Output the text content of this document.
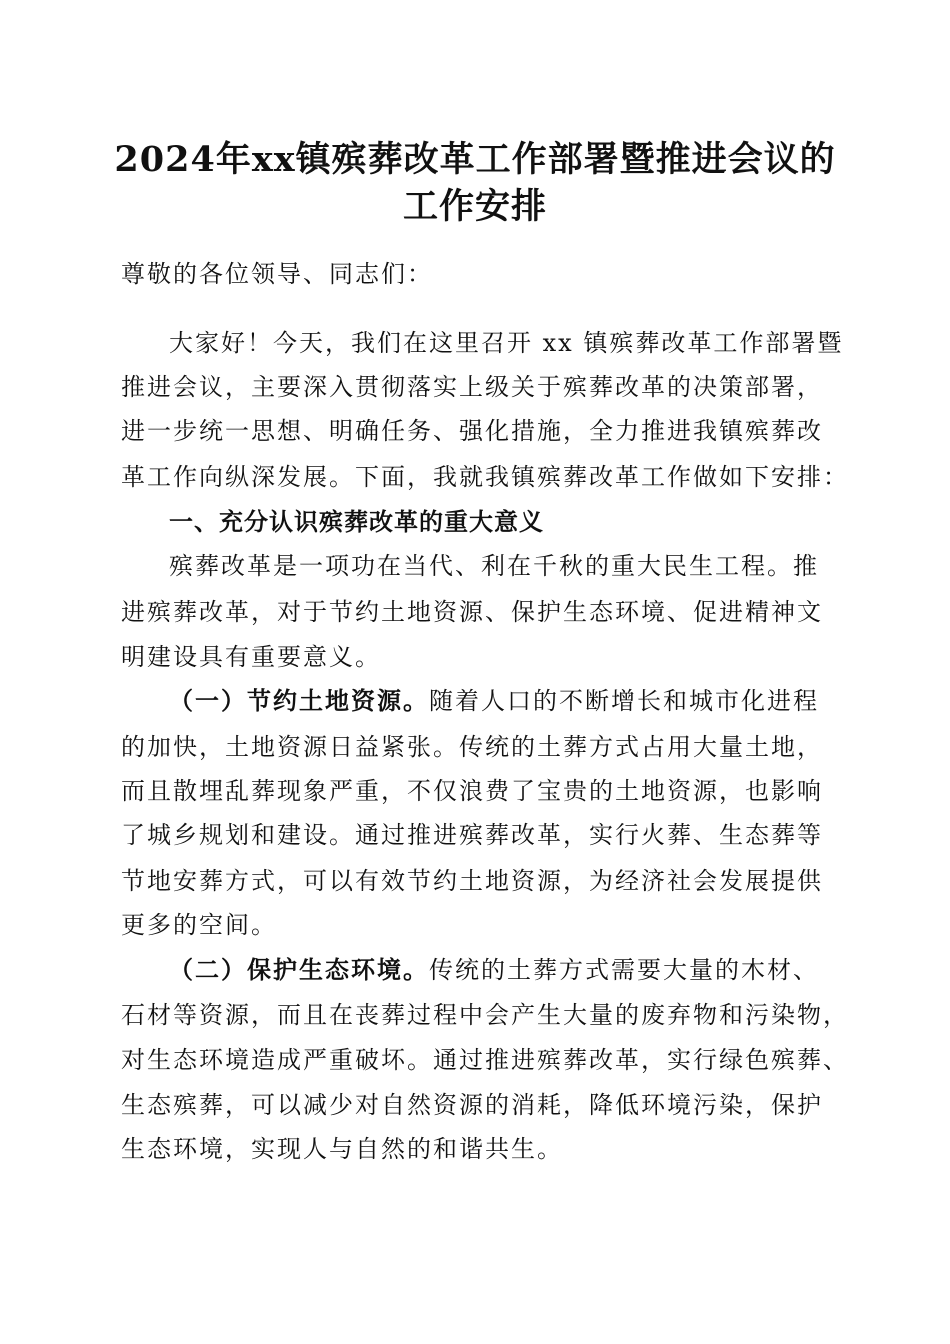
2024年xx镇殡葬改革工作部署暨推进会议的
工作安排

尊敬的各位领导、同志们：

大家好！今天，我们在这里召开 xx 镇殡葬改革工作部署暨

推进会议，主要深入贯彻落实上级关于殡葬改革的决策部署，

进一步统一思想、明确任务、强化措施，全力推进我镇殡葬改

革工作向纵深发展。下面，我就我镇殡葬改革工作做如下安排：

一、充分认识殡葬改革的重大意义

殡葬改革是一项功在当代、利在千秋的重大民生工程。推

进殡葬改革，对于节约土地资源、保护生态环境、促进精神文

明建设具有重要意义。

（一）节约土地资源。随着人口的不断增长和城市化进程

的加快，土地资源日益紧张。传统的土葬方式占用大量土地，

而且散埋乱葬现象严重，不仅浪费了宝贵的土地资源，也影响

了城乡规划和建设。通过推进殡葬改革，实行火葬、生态葬等

节地安葬方式，可以有效节约土地资源，为经济社会发展提供

更多的空间。

（二）保护生态环境。传统的土葬方式需要大量的木材、

石材等资源，而且在丧葬过程中会产生大量的废弃物和污染物，

对生态环境造成严重破坏。通过推进殡葬改革，实行绿色殡葬、

生态殡葬，可以减少对自然资源的消耗，降低环境污染，保护

生态环境，实现人与自然的和谐共生。
